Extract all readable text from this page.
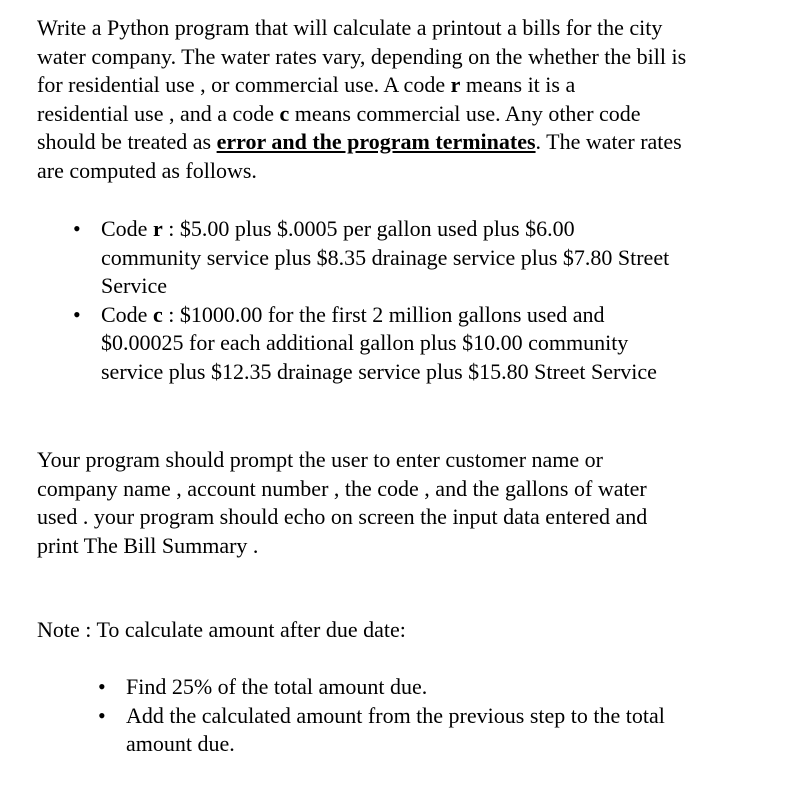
Write a Python program that will calculate a printout a bills for the city
water company. The water rates vary, depending on the whether the bill is
for residential use , or commercial use. A code r means it is a
residential use , and a code c means commercial use. Any other code
should be treated as error and the program terminates. The water rates
are computed as follows.
• Code r : $5.00 plus $.0005 per gallon used plus $6.00
community service plus $8.35 drainage service plus $7.80 Street
Service
• Code c : $1000.00 for the first 2 million gallons used and
$0.00025 for each additional gallon plus $10.00 community
service plus $12.35 drainage service plus $15.80 Street Service
Your program should prompt the user to enter customer name or
company name , account number , the code , and the gallons of water
used . your program should echo on screen the input data entered and
print The Bill Summary .
Note : To calculate amount after due date:
• Find 25% of the total amount due.
• Add the calculated amount from the previous step to the total
amount due.
